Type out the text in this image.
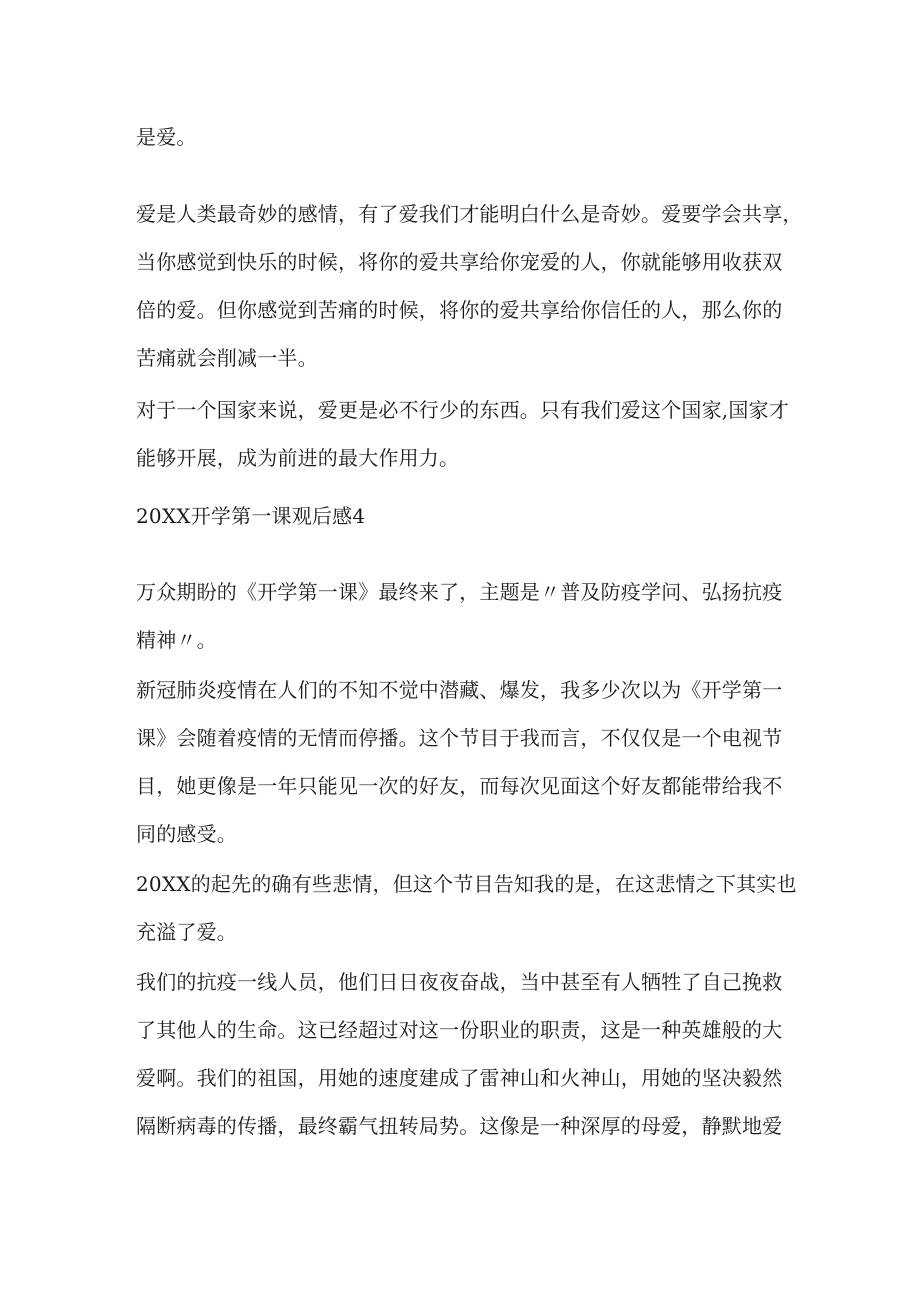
是爱。

爱是人类最奇妙的感情，有了爱我们才能明白什么是奇妙。爱要学会共享，

当你感觉到快乐的时候，将你的爱共享给你宠爱的人，你就能够用收获双

倍的爱。但你感觉到苦痛的时候，将你的爱共享给你信任的人，那么你的

苦痛就会削减一半。

对于一个国家来说，爱更是必不行少的东西。只有我们爱这个国家,国家才

能够开展，成为前进的最大作用力。

20XX开学第一课观后感4

万众期盼的《开学第一课》最终来了，主题是〃普及防疫学问、弘扬抗疫

精神〃。

新冠肺炎疫情在人们的不知不觉中潜藏、爆发，我多少次以为《开学第一

课》会随着疫情的无情而停播。这个节目于我而言，不仅仅是一个电视节

目，她更像是一年只能见一次的好友，而每次见面这个好友都能带给我不

同的感受。

20XX的起先的确有些悲情，但这个节目告知我的是，在这悲情之下其实也

充溢了爱。

我们的抗疫一线人员，他们日日夜夜奋战，当中甚至有人牺牲了自己挽救

了其他人的生命。这已经超过对这一份职业的职责，这是一种英雄般的大

爱啊。我们的祖国，用她的速度建成了雷神山和火神山，用她的坚决毅然

隔断病毒的传播，最终霸气扭转局势。这像是一种深厚的母爱，静默地爱
